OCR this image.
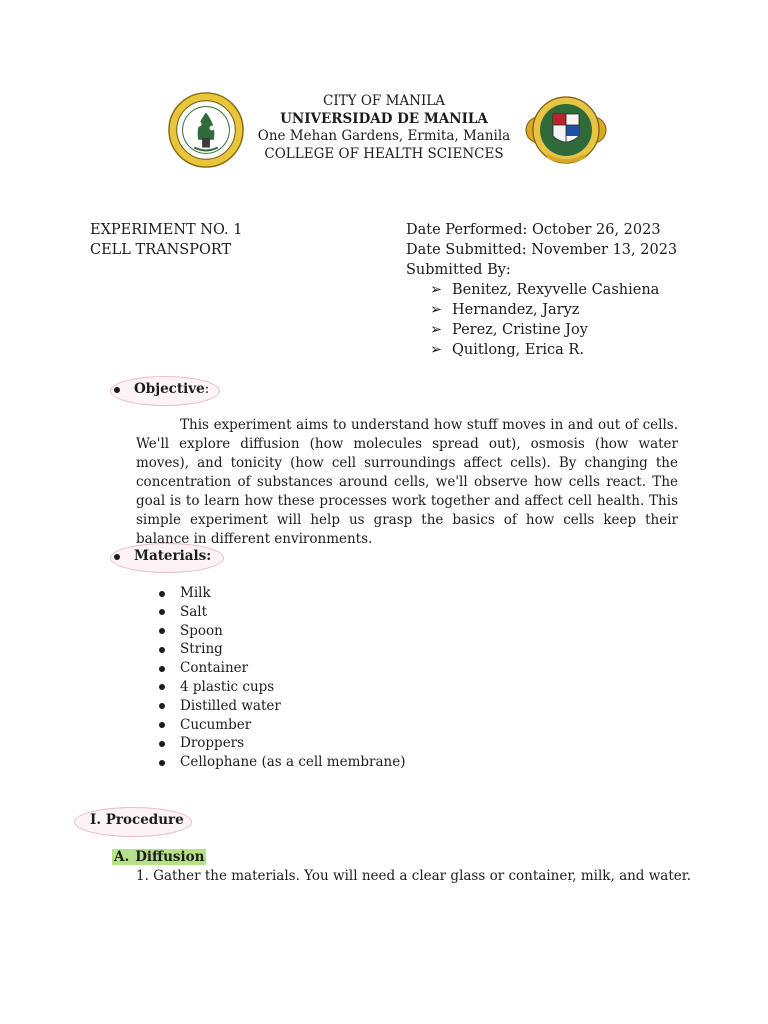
CITY OF MANILA
UNIVERSIDAD DE MANILA
One Mehan Gardens, Ermita, Manila
COLLEGE OF HEALTH SCIENCES
EXPERIMENT NO. 1
CELL TRANSPORT
Date Performed: October 26, 2023
Date Submitted: November 13, 2023
Submitted By:
➢ Benitez, Rexyvelle Cashiena
➢ Hernandez, Jaryz
➢ Perez, Cristine Joy
➢ Quitlong, Erica R.
Objective:
This experiment aims to understand how stuff moves in and out of cells. We'll explore diffusion (how molecules spread out), osmosis (how water moves), and tonicity (how cell surroundings affect cells). By changing the concentration of substances around cells, we'll observe how cells react. The goal is to learn how these processes work together and affect cell health. This simple experiment will help us grasp the basics of how cells keep their balance in different environments.
Materials:
Milk
Salt
Spoon
String
Container
4 plastic cups
Distilled water
Cucumber
Droppers
Cellophane (as a cell membrane)
I. Procedure
A. Diffusion
1. Gather the materials. You will need a clear glass or container, milk, and water.
